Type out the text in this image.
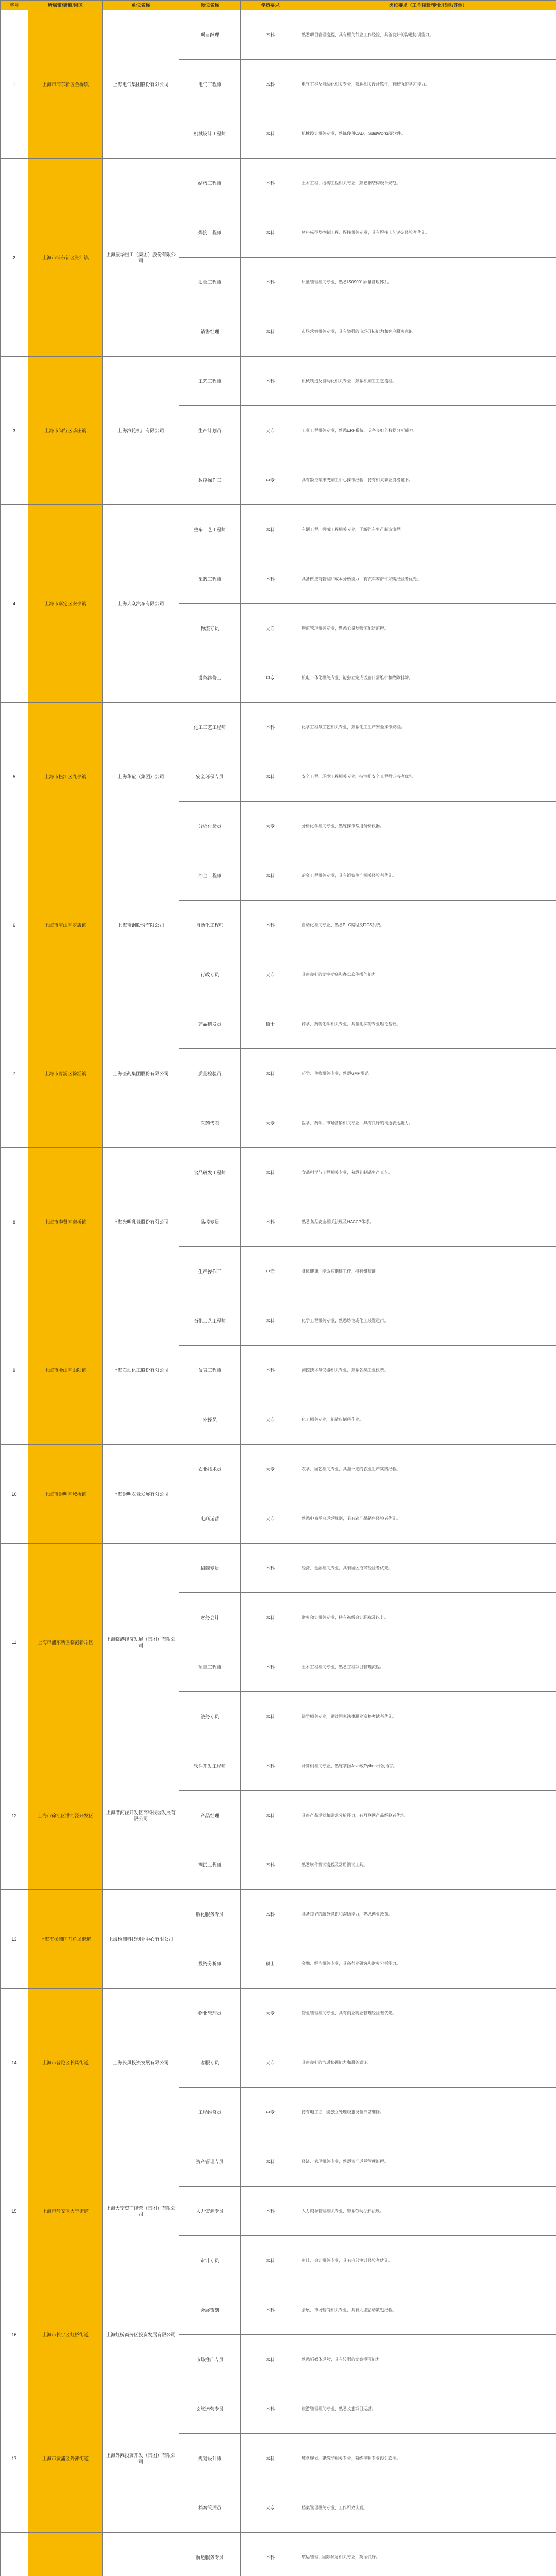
序号	所属镇/街道/园区	单位名称	岗位名称	学历要求	岗位要求（工作经验/专业/技能/其他）
1	上海市浦东新区金桥镇	上海电气集团股份有限公司	项目经理	本科	熟悉项目管理流程，具有相关行业工作经验，具备良好的沟通协调能力。
			电气工程师	本科	电气工程及自动化相关专业，熟悉相关设计软件，有较强的学习能力。
			机械设计工程师	本科	机械设计相关专业，熟练使用CAD、SolidWorks等软件。
2	上海市浦东新区张江镇	上海振华重工（集团）股份有限公司	结构工程师	本科	土木工程、结构工程相关专业，熟悉钢结构设计规范。
			焊接工程师	本科	材料成型及控制工程、焊接相关专业，具有焊接工艺评定经验者优先。
			质量工程师	本科	质量管理相关专业，熟悉ISO9001质量管理体系。
			销售经理	本科	市场营销相关专业，具有较强的市场开拓能力和客户服务意识。
3	上海市闵行区莘庄镇	上海汽轮机厂有限公司	工艺工程师	本科	机械制造及自动化相关专业，熟悉机加工工艺流程。
			生产计划员	大专	工业工程相关专业，熟悉ERP系统，具备良好的数据分析能力。
			数控操作工	中专	具有数控车床或加工中心操作经验，持有相关职业资格证书。
4	上海市嘉定区安亭镇	上海大众汽车有限公司	整车工艺工程师	本科	车辆工程、机械工程相关专业，了解汽车生产制造流程。
			采购工程师	本科	具备供应商管理和成本分析能力，有汽车零部件采购经验者优先。
			物流专员	大专	物流管理相关专业，熟悉仓储及物流配送流程。
			设备维修工	中专	机电一体化相关专业，能独立完成设备日常维护和故障排除。
5	上海市松江区九亭镇	上海华谊（集团）公司	化工工艺工程师	本科	化学工程与工艺相关专业，熟悉化工生产安全操作规程。
			安全环保专员	本科	安全工程、环境工程相关专业，持注册安全工程师证书者优先。
			分析化验员	大专	分析化学相关专业，熟练操作常用分析仪器。
6	上海市宝山区罗店镇	上海宝钢股份有限公司	冶金工程师	本科	冶金工程相关专业，具有钢铁生产相关经验者优先。
			自动化工程师	本科	自动化相关专业，熟悉PLC编程及DCS系统。
			行政专员	大专	具备良好的文字功底和办公软件操作能力。
7	上海市青浦区徐泾镇	上海医药集团股份有限公司	药品研发员	硕士	药学、药物化学相关专业，具备扎实的专业理论基础。
			质量检验员	本科	药学、生物相关专业，熟悉GMP规范。
			医药代表	大专	医学、药学、市场营销相关专业，具有良好的沟通表达能力。
8	上海市奉贤区南桥镇	上海光明乳业股份有限公司	食品研发工程师	本科	食品科学与工程相关专业，熟悉乳制品生产工艺。
			品控专员	本科	熟悉食品安全相关法规及HACCP体系。
			生产操作工	中专	身体健康，能适应倒班工作，持有健康证。
9	上海市金山区山阳镇	上海石油化工股份有限公司	石化工艺工程师	本科	化学工程相关专业，熟悉炼油或化工装置运行。
			仪表工程师	本科	测控技术与仪器相关专业，熟悉各类工业仪表。
			外操员	大专	化工相关专业，能适应倒班作业。
10	上海市崇明区城桥镇	上海崇明农业发展有限公司	农业技术员	大专	农学、园艺相关专业，具备一定的农业生产实践经验。
			电商运营	大专	熟悉电商平台运营规则，具有农产品销售经验者优先。
11	上海市浦东新区临港新片区	上海临港经济发展（集团）有限公司	招商专员	本科	经济、金融相关专业，具有园区招商经验者优先。
			财务会计	本科	财务会计相关专业，持有初级会计职称及以上。
			项目工程师	本科	土木工程相关专业，熟悉工程项目管理流程。
			法务专员	本科	法学相关专业，通过国家法律职业资格考试者优先。
12	上海市徐汇区漕河泾开发区	上海漕河泾开发区高科技园发展有限公司	软件开发工程师	本科	计算机相关专业，熟练掌握Java或Python开发语言。
			产品经理	本科	具备产品规划和需求分析能力，有互联网产品经验者优先。
			测试工程师	本科	熟悉软件测试流程及常用测试工具。
13	上海市杨浦区五角场街道	上海杨浦科技创业中心有限公司	孵化服务专员	本科	具备良好的服务意识和沟通能力，熟悉创业政策。
			投资分析师	硕士	金融、经济相关专业，具备行业研究和财务分析能力。
14	上海市普陀区长风街道	上海长风投资发展有限公司	物业管理员	大专	物业管理相关专业，具有商业物业管理经验者优先。
			客服专员	大专	具备良好的沟通协调能力和服务意识。
			工程维修员	中专	持有电工证，能独立处理设施设备日常维修。
15	上海市静安区大宁街道	上海大宁资产经营（集团）有限公司	资产管理专员	本科	经济、管理相关专业，熟悉资产运营管理流程。
			人力资源专员	本科	人力资源管理相关专业，熟悉劳动法律法规。
			审计专员	本科	审计、会计相关专业，具有内部审计经验者优先。
16	上海市长宁区虹桥街道	上海虹桥商务区投资发展有限公司	会展策划	本科	会展、市场营销相关专业，具有大型活动策划经验。
			市场推广专员	本科	熟悉新媒体运营，具有较强的文案撰写能力。
17	上海市黄浦区外滩街道	上海外滩投资开发（集团）有限公司	文旅运营专员	本科	旅游管理相关专业，熟悉文旅项目运营。
			规划设计师	本科	城乡规划、建筑学相关专业，熟练使用专业设计软件。
			档案管理员	大专	档案管理相关专业，工作细致认真。
			航运服务专员	本科	航运管理、国际贸易相关专业，英语良好。
